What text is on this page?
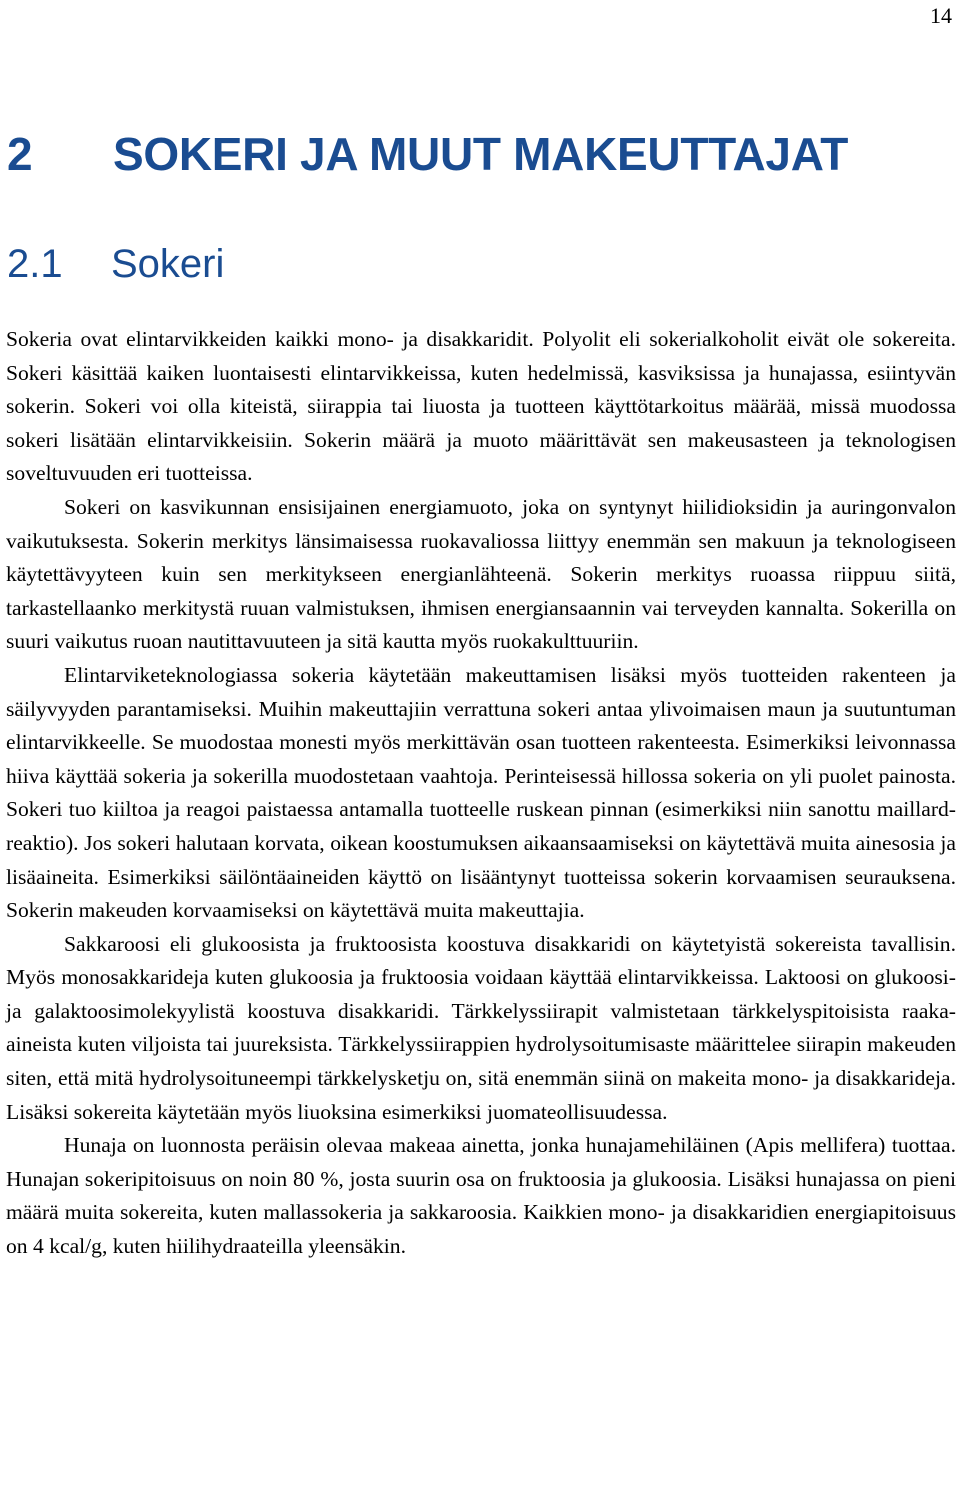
14
2 SOKERI JA MUUT MAKEUTTAJAT
2.1 Sokeri

Sokeria ovat elintarvikkeiden kaikki mono- ja disakkaridit. Polyolit eli sokerialkoholit eivät ole sokereita. Sokeri käsittää kaiken luontaisesti elintarvikkeissa, kuten hedelmissä, kasviksissa ja hunajassa, esiintyvän sokerin. Sokeri voi olla kiteistä, siirappia tai liuosta ja tuotteen käyttötarkoitus määrää, missä muodossa sokeri lisätään elintarvikkeisiin. Sokerin määrä ja muoto määrittävät sen makeusasteen ja teknologisen soveltuvuuden eri tuotteissa.

Sokeri on kasvikunnan ensisijainen energiamuoto, joka on syntynyt hiilidioksidin ja auringonvalon vaikutuksesta. Sokerin merkitys länsimaisessa ruokavaliossa liittyy enemmän sen makuun ja teknologiseen käytettävyyteen kuin sen merkitykseen energianlähteenä. Sokerin merkitys ruoassa riippuu siitä, tarkastellaanko merkitystä ruuan valmistuksen, ihmisen energiansaannin vai terveyden kannalta. Sokerilla on suuri vaikutus ruoan nautittavuuteen ja sitä kautta myös ruokakulttuuriin.

Elintarviketeknologiassa sokeria käytetään makeuttamisen lisäksi myös tuotteiden rakenteen ja säilyvyyden parantamiseksi. Muihin makeuttajiin verrattuna sokeri antaa ylivoimaisen maun ja suutuntuman elintarvikkeelle. Se muodostaa monesti myös merkittävän osan tuotteen rakenteesta. Esimerkiksi leivonnassa hiiva käyttää sokeria ja sokerilla muodostetaan vaahtoja. Perinteisessä hillossa sokeria on yli puolet painosta. Sokeri tuo kiiltoa ja reagoi paistaessa antamalla tuotteelle ruskean pinnan (esimerkiksi niin sanottu maillard-reaktio). Jos sokeri halutaan korvata, oikean koostumuksen aikaansaamiseksi on käytettävä muita ainesosia ja lisäaineita. Esimerkiksi säilöntäaineiden käyttö on lisääntynyt tuotteissa sokerin korvaamisen seurauksena. Sokerin makeuden korvaamiseksi on käytettävä muita makeuttajia.

Sakkaroosi eli glukoosista ja fruktoosista koostuva disakkaridi on käytetyistä sokereista tavallisin. Myös monosakkarideja kuten glukoosia ja fruktoosia voidaan käyttää elintarvikkeissa. Laktoosi on glukoosi- ja galaktoosimolekyylistä koostuva disakkaridi. Tärkkelyssiirapit valmistetaan tärkkelyspitoisista raaka-aineista kuten viljoista tai juureksista. Tärkkelyssiirappien hydrolysoitumisaste määrittelee siirapin makeuden siten, että mitä hydrolysoituneempi tärkkelysketju on, sitä enemmän siinä on makeita mono- ja disakkarideja. Lisäksi sokereita käytetään myös liuoksina esimerkiksi juomateollisuudessa.

Hunaja on luonnosta peräisin olevaa makeaa ainetta, jonka hunajamehiläinen (Apis mellifera) tuottaa. Hunajan sokeripitoisuus on noin 80 %, josta suurin osa on fruktoosia ja glukoosia. Lisäksi hunajassa on pieni määrä muita sokereita, kuten mallassokeria ja sakkaroosia. Kaikkien mono- ja disakkaridien energiapitoisuus on 4 kcal/g, kuten hiilihydraateilla yleensäkin.
